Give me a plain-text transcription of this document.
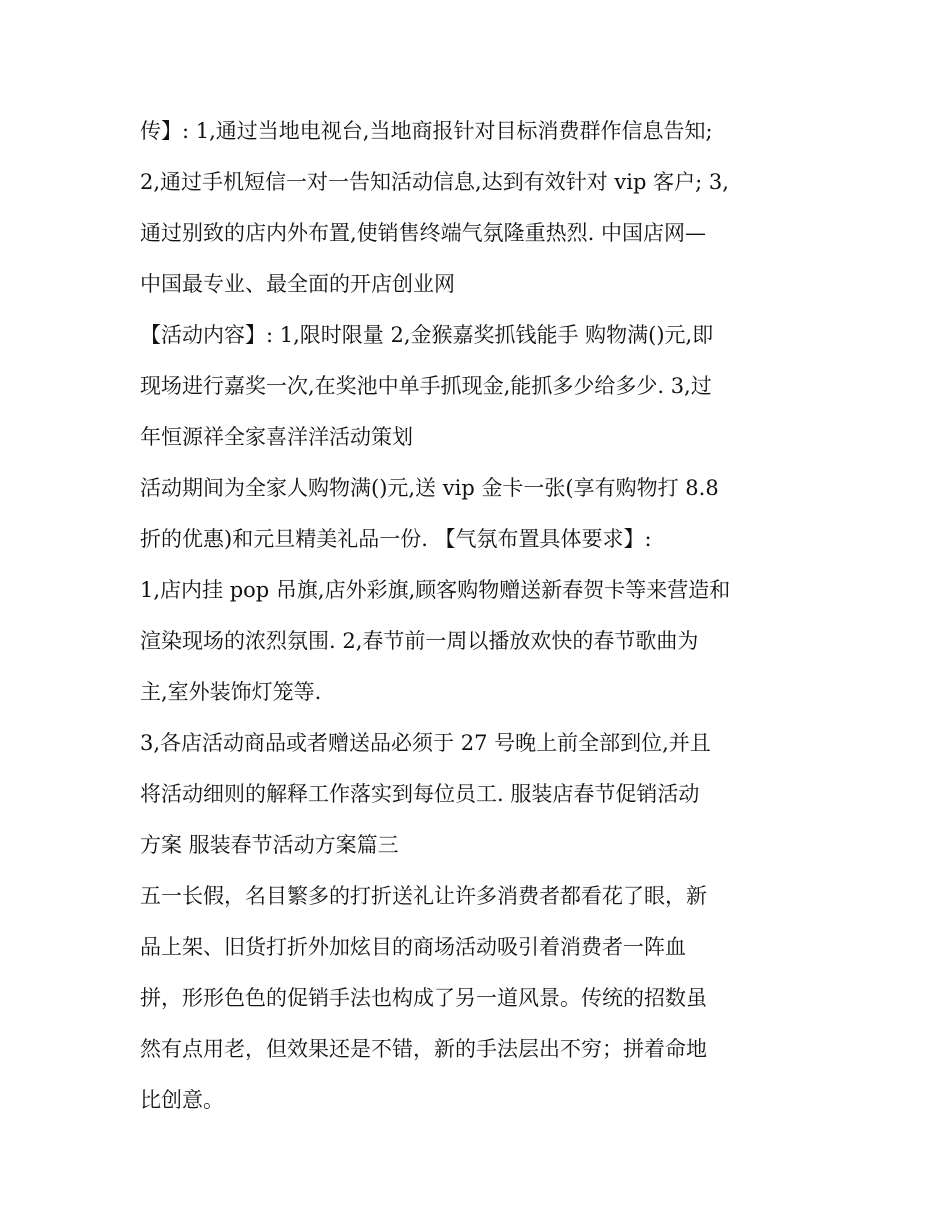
传】: 1,通过当地电视台,当地商报针对目标消费群作信息告知;
2,通过手机短信一对一告知活动信息,达到有效针对 vip 客户; 3,
通过别致的店内外布置,使销售终端气氛隆重热烈. 中国店网—
中国最专业、最全面的开店创业网
【活动内容】: 1,限时限量 2,金猴嘉奖抓钱能手 购物满()元,即
现场进行嘉奖一次,在奖池中单手抓现金,能抓多少给多少. 3,过
年恒源祥全家喜洋洋活动策划
活动期间为全家人购物满()元,送 vip 金卡一张(享有购物打 8.8
折的优惠)和元旦精美礼品一份. 【气氛布置具体要求】:
1,店内挂 pop 吊旗,店外彩旗,顾客购物赠送新春贺卡等来营造和
渲染现场的浓烈氛围. 2,春节前一周以播放欢快的春节歌曲为
主,室外装饰灯笼等.
3,各店活动商品或者赠送品必须于 27 号晚上前全部到位,并且
将活动细则的解释工作落实到每位员工. 服装店春节促销活动
方案 服装春节活动方案篇三
五一长假，名目繁多的打折送礼让许多消费者都看花了眼，新
品上架、旧货打折外加炫目的商场活动吸引着消费者一阵血
拼，形形色色的促销手法也构成了另一道风景。传统的招数虽
然有点用老，但效果还是不错，新的手法层出不穷；拼着命地
比创意。
